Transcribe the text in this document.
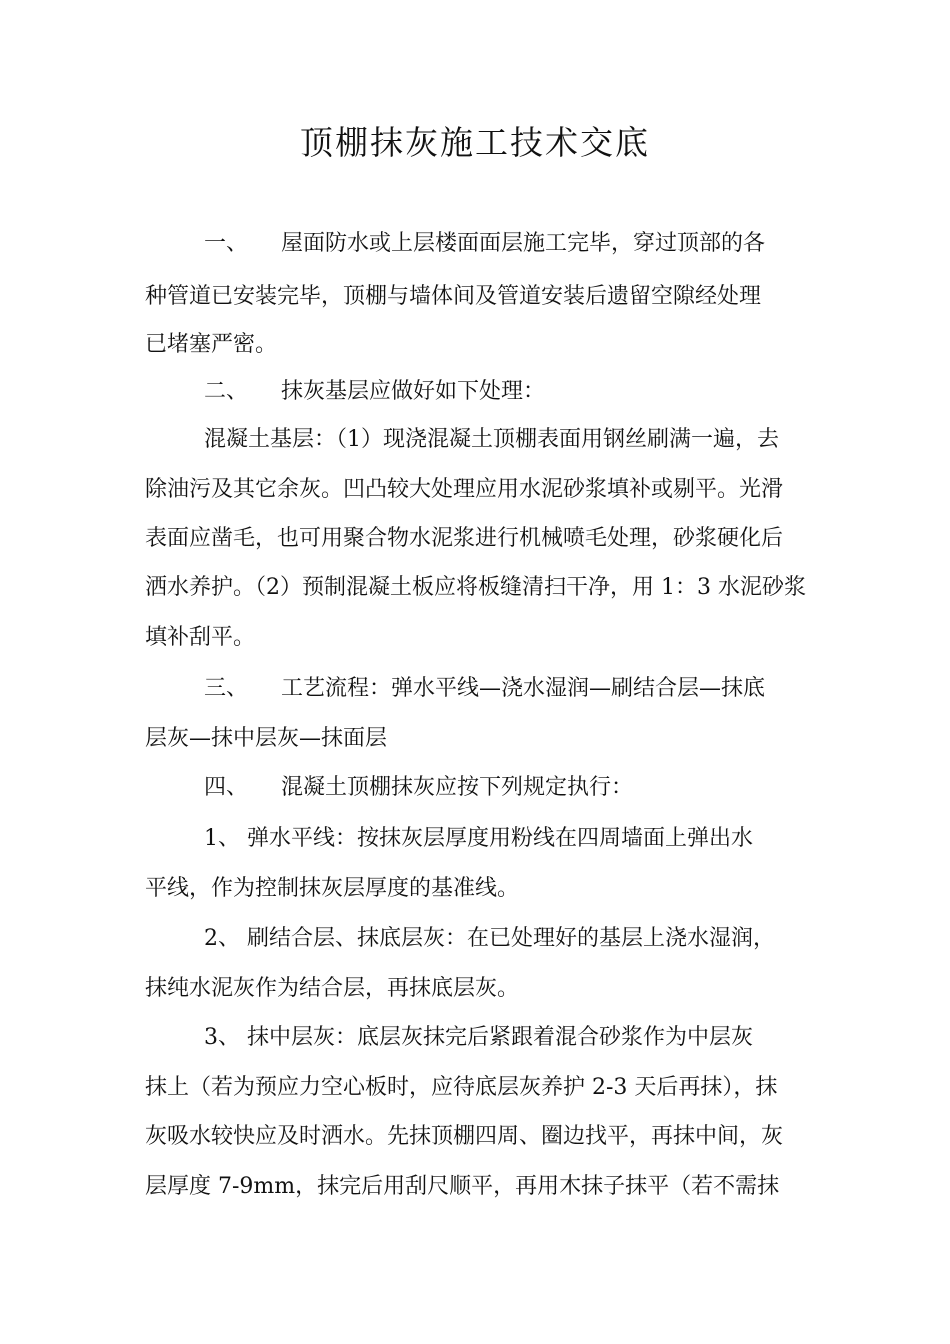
顶棚抹灰施工技术交底

一、　　屋面防水或上层楼面面层施工完毕，穿过顶部的各

种管道已安装完毕，顶棚与墙体间及管道安装后遗留空隙经处理

已堵塞严密。

二、　　抹灰基层应做好如下处理：

混凝土基层：（1）现浇混凝土顶棚表面用钢丝刷满一遍，去

除油污及其它余灰。凹凸较大处理应用水泥砂浆填补或剔平。光滑

表面应凿毛，也可用聚合物水泥浆进行机械喷毛处理，砂浆硬化后

洒水养护。（2）预制混凝土板应将板缝清扫干净，用 1：3 水泥砂浆

填补刮平。

三、　　工艺流程：弹水平线—浇水湿润—刷结合层—抹底

层灰—抹中层灰—抹面层

四、　　混凝土顶棚抹灰应按下列规定执行：

1、 弹水平线：按抹灰层厚度用粉线在四周墙面上弹出水

平线，作为控制抹灰层厚度的基准线。

2、 刷结合层、抹底层灰：在已处理好的基层上浇水湿润，

抹纯水泥灰作为结合层，再抹底层灰。

3、 抹中层灰：底层灰抹完后紧跟着混合砂浆作为中层灰

抹上（若为预应力空心板时，应待底层灰养护 2-3 天后再抹），抹

灰吸水较快应及时洒水。先抹顶棚四周、圈边找平，再抹中间，灰

层厚度 7-9mm，抹完后用刮尺顺平，再用木抹子抹平（若不需抹
